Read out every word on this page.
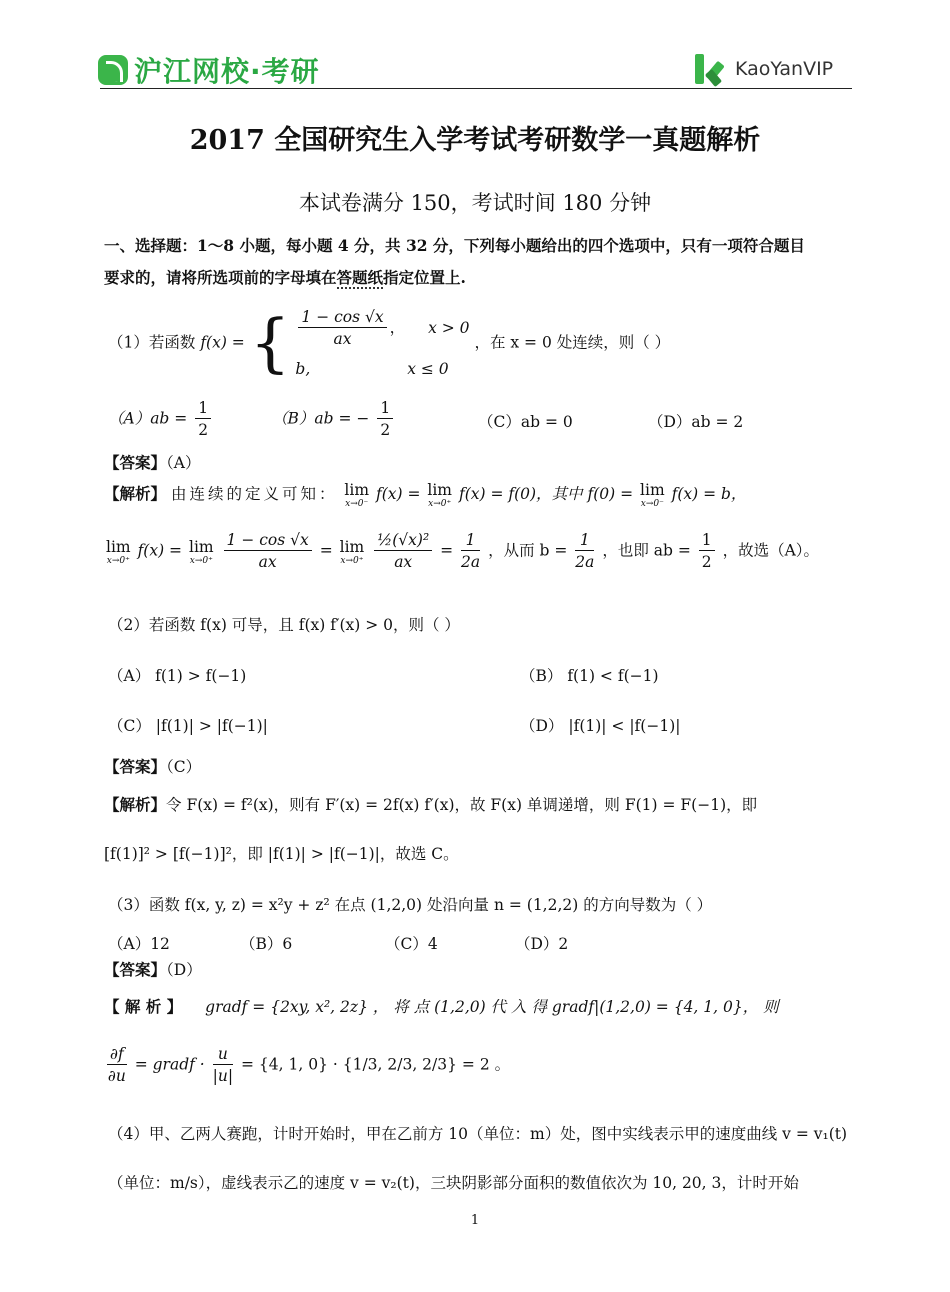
沪江网校·考研	KaoYanVIP
2017 全国研究生入学考试考研数学一真题解析
本试卷满分 150，考试时间 180 分钟
一、选择题：1～8 小题，每小题 4 分，共 32 分，下列每小题给出的四个选项中，只有一项符合题目
要求的，请将所选项前的字母填在答题纸指定位置上.
（1）若函数 f(x) = { $\frac{1 - \cos √x}{ax}$ ， x > 0
b,	x ≤ 0
，在 x = 0 处连续，则（ ）
$(A)ab = \frac{1}{2}$	（B）ab = − $\frac{1}{2}$	（C）ab = 0	（D）ab = 2
【答案】（A）
【解析】 由连续的定义可知： lim
x→0⁻
f(x) = lim
x→0⁺
f(x) = f(0)，其中 f(0) = lim
x→0⁻
f(x) = b，
lim
x→0⁺
f(x) = lim
x→0⁺
$\frac{1 - \cos √x}{ax} = \lim$
x→0⁺
$\frac{\text{½(√x)²}}{ax} = \frac{1}{2a}$ ，从而 $b = \frac{1}{2a}$ ，也即 ab = $\frac{1}{2}$ ，故选（A）。
（2）若函数 f(x) 可导，且 f(x) f′(x) > 0，则（ ）
（A） f(1) > f(−1)	（B） f(1) < f(−1)
（C） |f(1)| > |f(−1)|	（D） |f(1)| < |f(−1)|
【答案】（C）
【解析】令 F(x) = f²(x)，则有 F′(x) = 2f(x) f′(x)，故 F(x) 单调递增，则 F(1) = F(−1)，即
[f(1)]² > [f(−1)]²，即 |f(1)| > |f(−1)|，故选 C。
（3）函数 f(x, y, z) = x²y + z² 在点 (1,2,0) 处沿向量 n = (1,2,2) 的方向导数为（ ）
（A）12	（B）6	（C）4	（D）2
【答案】（D）
【 解 析 】 gradf = {2xy, x², 2z} ， 将 点 (1,2,0) 代 入 得 gradf|(1,2,0) = {4, 1, 0}， 则
$\frac{\partial f}{\partial u}$ = gradf · $\frac{u}{|u|} = \{4$, 1, 0} · {1/3, 2/3, 2/3} = 2 。
（4）甲、乙两人赛跑，计时开始时，甲在乙前方 10（单位：m）处，图中实线表示甲的速度曲线 v = v₁(t)
（单位：m/s），虚线表示乙的速度 v = v₂(t)，三块阴影部分面积的数值依次为 10, 20, 3，计时开始
1
